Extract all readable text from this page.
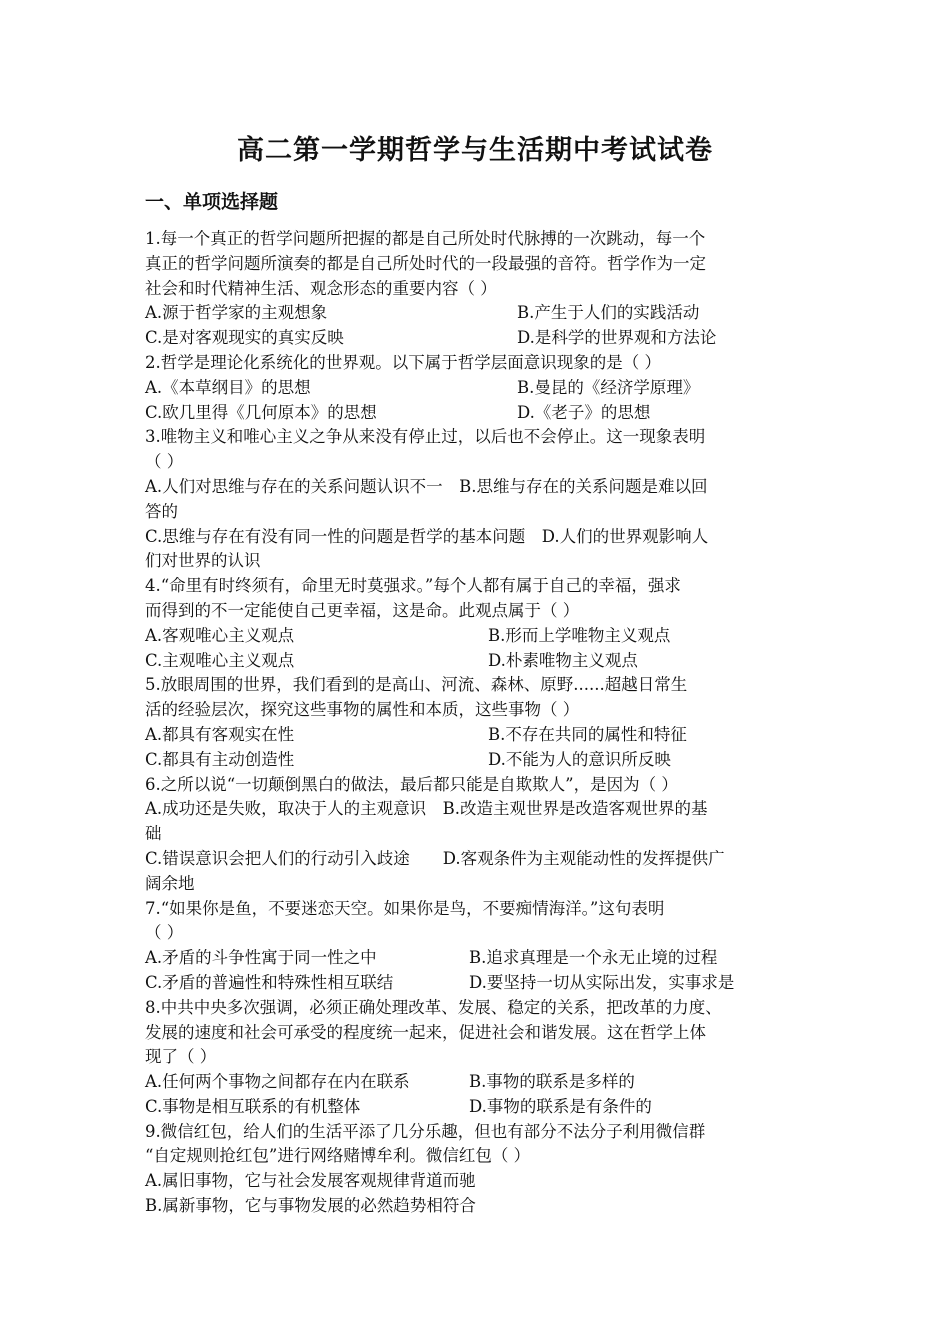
高二第一学期哲学与生活期中考试试卷
一、单项选择题
1.每一个真正的哲学问题所把握的都是自己所处时代脉搏的一次跳动，每一个
真正的哲学问题所演奏的都是自己所处时代的一段最强的音符。哲学作为一定
社会和时代精神生活、观念形态的重要内容（ ）
A.源于哲学家的主观想象	B.产生于人们的实践活动
C.是对客观现实的真实反映	D.是科学的世界观和方法论
2.哲学是理论化系统化的世界观。以下属于哲学层面意识现象的是（ ）
A.《本草纲目》的思想	B.曼昆的《经济学原理》
C.欧几里得《几何原本》的思想	D.《老子》的思想
3.唯物主义和唯心主义之争从来没有停止过，以后也不会停止。这一现象表明
（ ）
A.人们对思维与存在的关系问题认识不一　B.思维与存在的关系问题是难以回
答的
C.思维与存在有没有同一性的问题是哲学的基本问题　D.人们的世界观影响人
们对世界的认识
4.“命里有时终须有，命里无时莫强求。”每个人都有属于自己的幸福，强求
而得到的不一定能使自己更幸福，这是命。此观点属于（ ）
A.客观唯心主义观点	B.形而上学唯物主义观点
C.主观唯心主义观点	D.朴素唯物主义观点
5.放眼周围的世界，我们看到的是高山、河流、森林、原野......超越日常生
活的经验层次，探究这些事物的属性和本质，这些事物（ ）
A.都具有客观实在性	B.不存在共同的属性和特征
C.都具有主动创造性	D.不能为人的意识所反映
6.之所以说“一切颠倒黑白的做法，最后都只能是自欺欺人”，是因为（ ）
A.成功还是失败，取决于人的主观意识　B.改造主观世界是改造客观世界的基
础
C.错误意识会把人们的行动引入歧途　　D.客观条件为主观能动性的发挥提供广
阔余地
7.“如果你是鱼，不要迷恋天空。如果你是鸟，不要痴情海洋。”这句表明
（ ）
A.矛盾的斗争性寓于同一性之中	B.追求真理是一个永无止境的过程
C.矛盾的普遍性和特殊性相互联结	D.要坚持一切从实际出发，实事求是
8.中共中央多次强调，必须正确处理改革、发展、稳定的关系，把改革的力度、
发展的速度和社会可承受的程度统一起来，促进社会和谐发展。这在哲学上体
现了（ ）
A.任何两个事物之间都存在内在联系	B.事物的联系是多样的
C.事物是相互联系的有机整体	D.事物的联系是有条件的
9.微信红包，给人们的生活平添了几分乐趣，但也有部分不法分子利用微信群
“自定规则抢红包”进行网络赌博牟利。微信红包（ ）
A.属旧事物，它与社会发展客观规律背道而驰
B.属新事物，它与事物发展的必然趋势相符合
